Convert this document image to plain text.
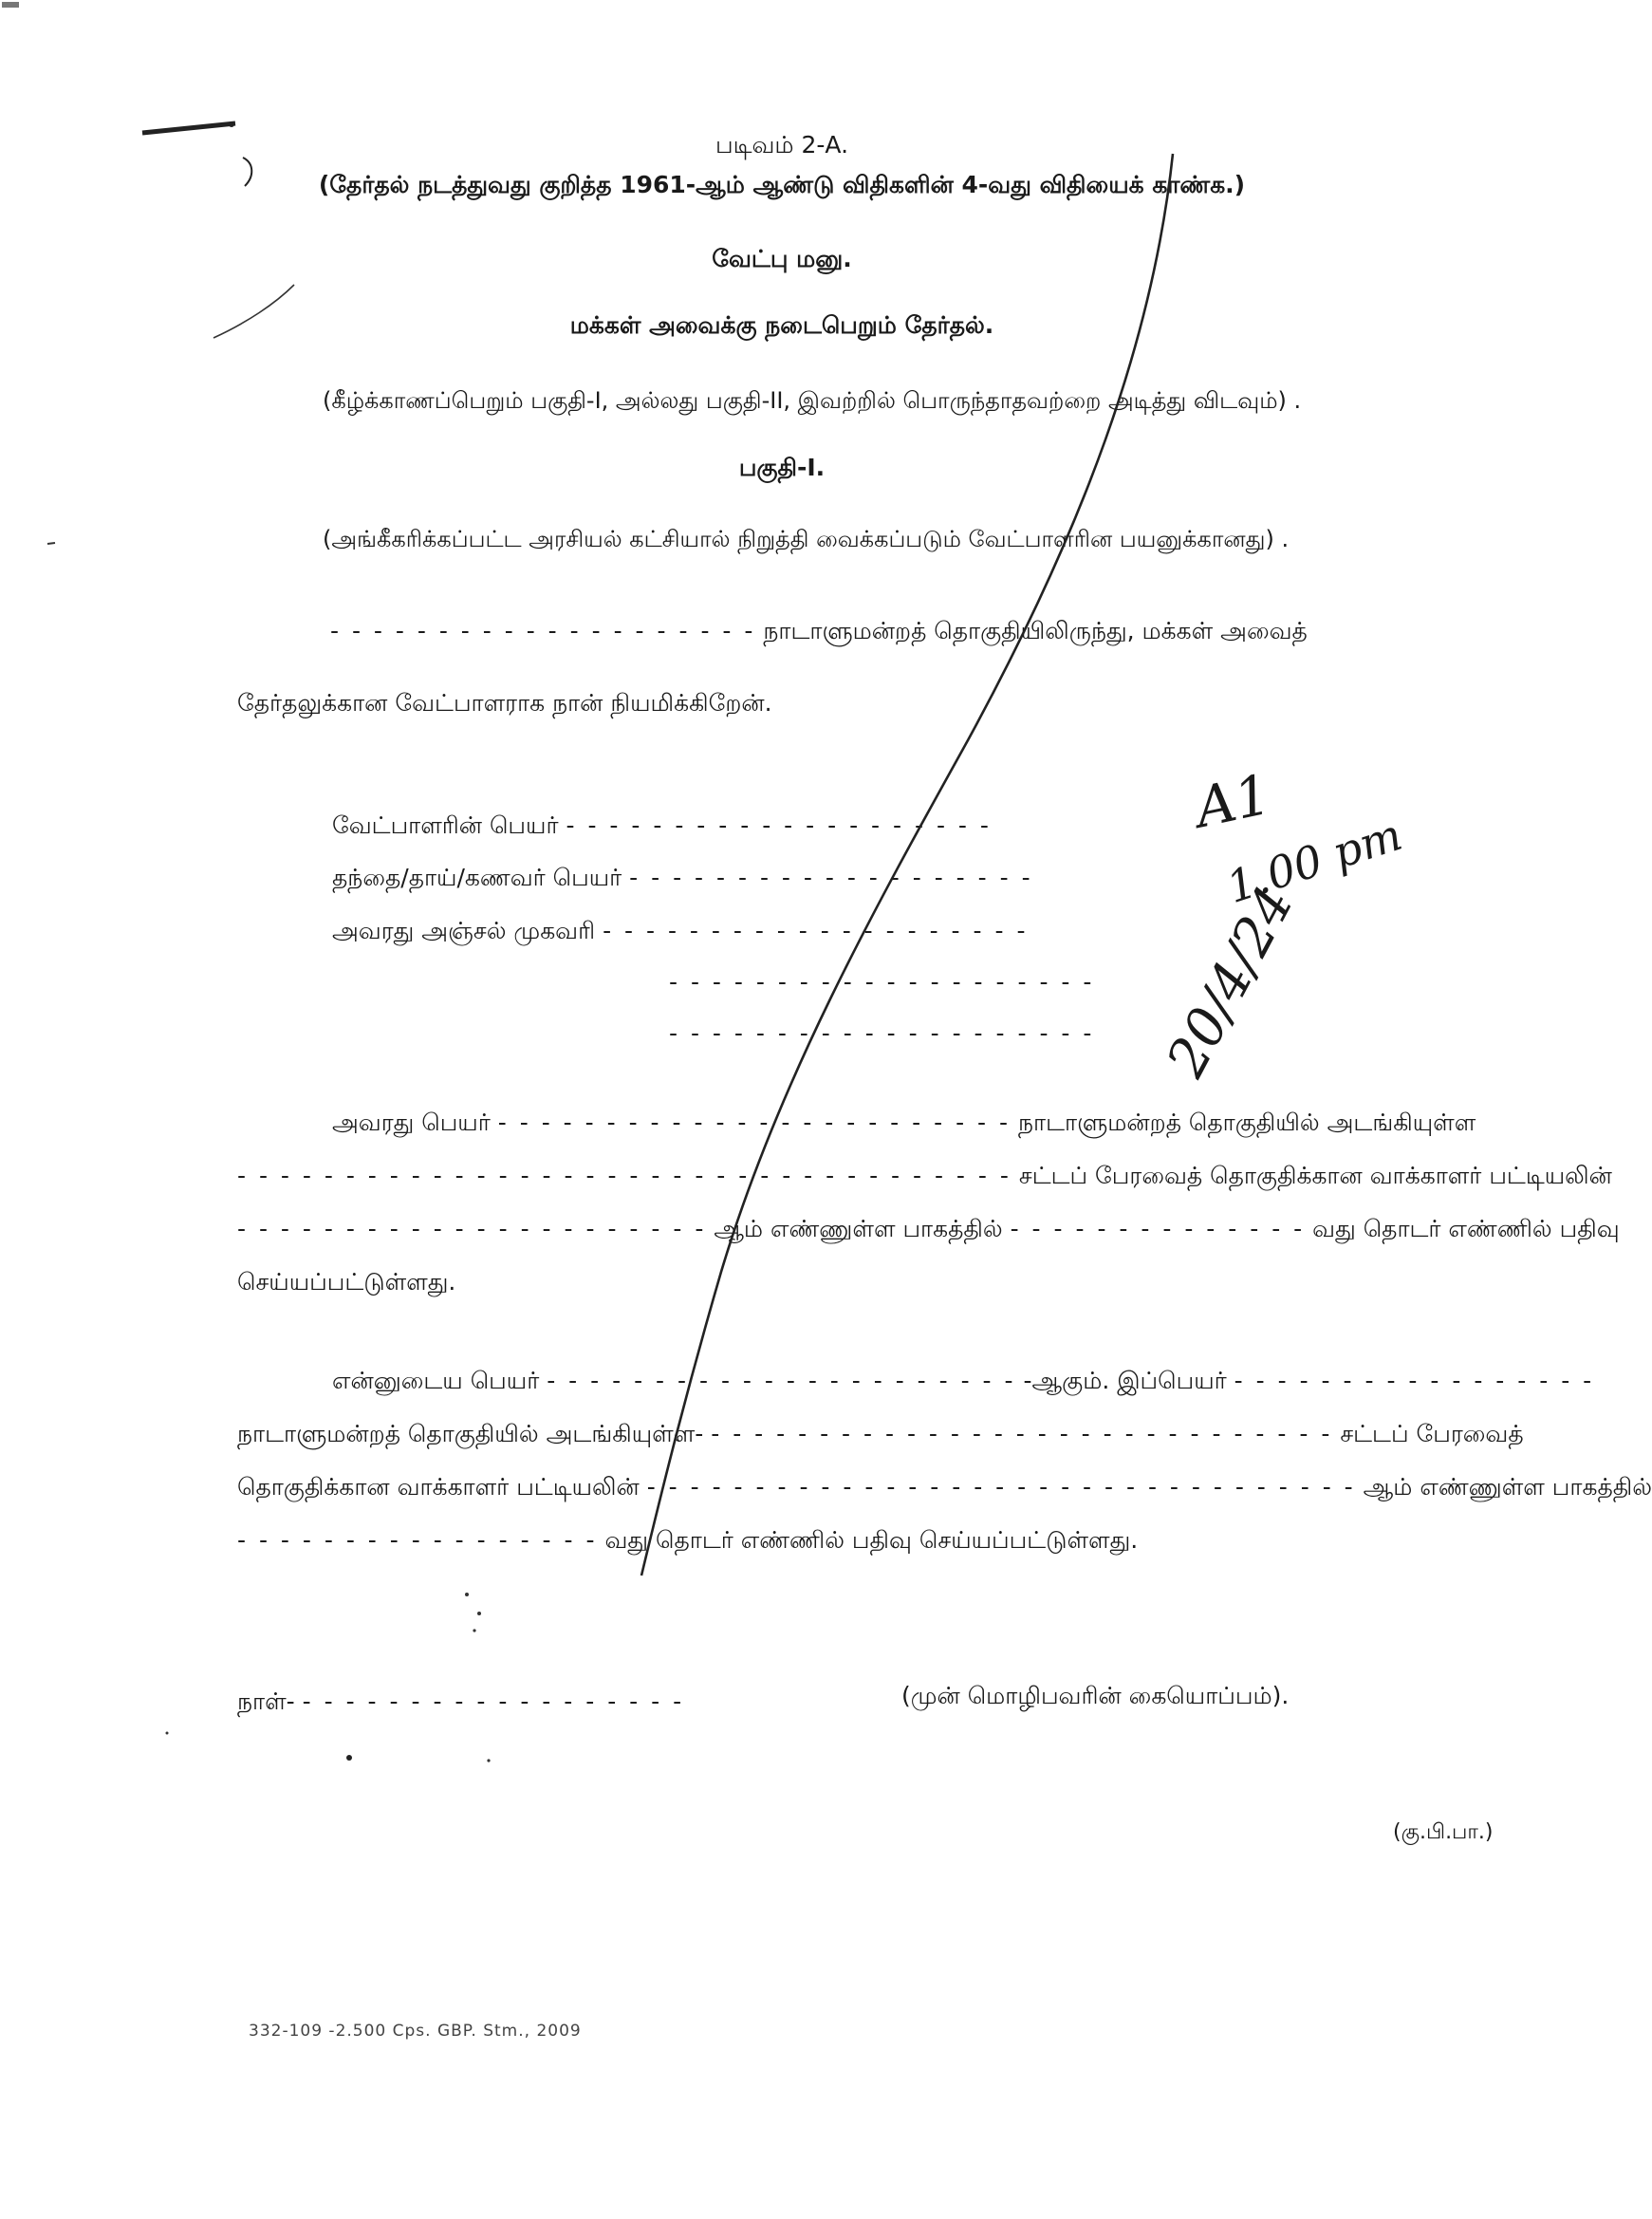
படிவம் 2-A.
(தேர்தல் நடத்துவது குறித்த 1961-ஆம் ஆண்டு விதிகளின் 4-வது விதியைக் காண்க.)
வேட்பு மனு.
மக்கள் அவைக்கு நடைபெறும் தேர்தல்.
(கீழ்க்காணப்பெறும் பகுதி-I, அல்லது பகுதி-II, இவற்றில் பொருந்தாதவற்றை அடித்து விடவும்) .
பகுதி-I.
(அங்கீகரிக்கப்பட்ட அரசியல் கட்சியால் நிறுத்தி வைக்கப்படும் வேட்பாளரின பயனுக்கானது) .
- - - - - - - - - - - - - - - - - - - - நாடாளுமன்றத் தொகுதியிலிருந்து, மக்கள் அவைத்
தேர்தலுக்கான வேட்பாளராக நான் நியமிக்கிறேன்.
வேட்பாளரின் பெயர் - - - - - - - - - - - - - - - - - - - -
தந்தை/தாய்/கணவர் பெயர் - - - - - - - - - - - - - - - - - - -
அவரது அஞ்சல் முகவரி - - - - - - - - - - - - - - - - - - - -
- - - - - - - - - - - - - - - - - - - -
- - - - - - - - - - - - - - - - - - - -
அவரது பெயர் - - - - - - - - - - - - - - - - - - - - - - - - நாடாளுமன்றத் தொகுதியில் அடங்கியுள்ள
- - - - - - - - - - - - - - - - - - - - - - - - - - - - - - - - - - - - சட்டப் பேரவைத் தொகுதிக்கான வாக்காளர் பட்டியலின்
- - - - - - - - - - - - - - - - - - - - - - ஆம் எண்ணுள்ள பாகத்தில் - - - - - - - - - - - - - - வது தொடர் எண்ணில் பதிவு
செய்யப்பட்டுள்ளது.
என்னுடைய பெயர் - - - - - - - - - - - - - - - - - - - - - - -ஆகும். இப்பெயர் - - - - - - - - - - - - - - - - -
நாடாளுமன்றத் தொகுதியில் அடங்கியுள்ள- - - - - - - - - - - - - - - - - - - - - - - - - - - - - - சட்டப் பேரவைத்
தொகுதிக்கான வாக்காளர் பட்டியலின் - - - - - - - - - - - - - - - - - - - - - - - - - - - - - - - - - ஆம் எண்ணுள்ள பாகத்தில்
- - - - - - - - - - - - - - - - - வது தொடர் எண்ணில் பதிவு செய்யப்பட்டுள்ளது.
நாள்- - - - - - - - - - - - - - - - - - -	(முன் மொழிபவரின் கையொப்பம்).
(கு.பி.பா.)
332-109 -2.500 Cps. GBP. Stm., 2009
A1
1.00 pm
20/4/24
